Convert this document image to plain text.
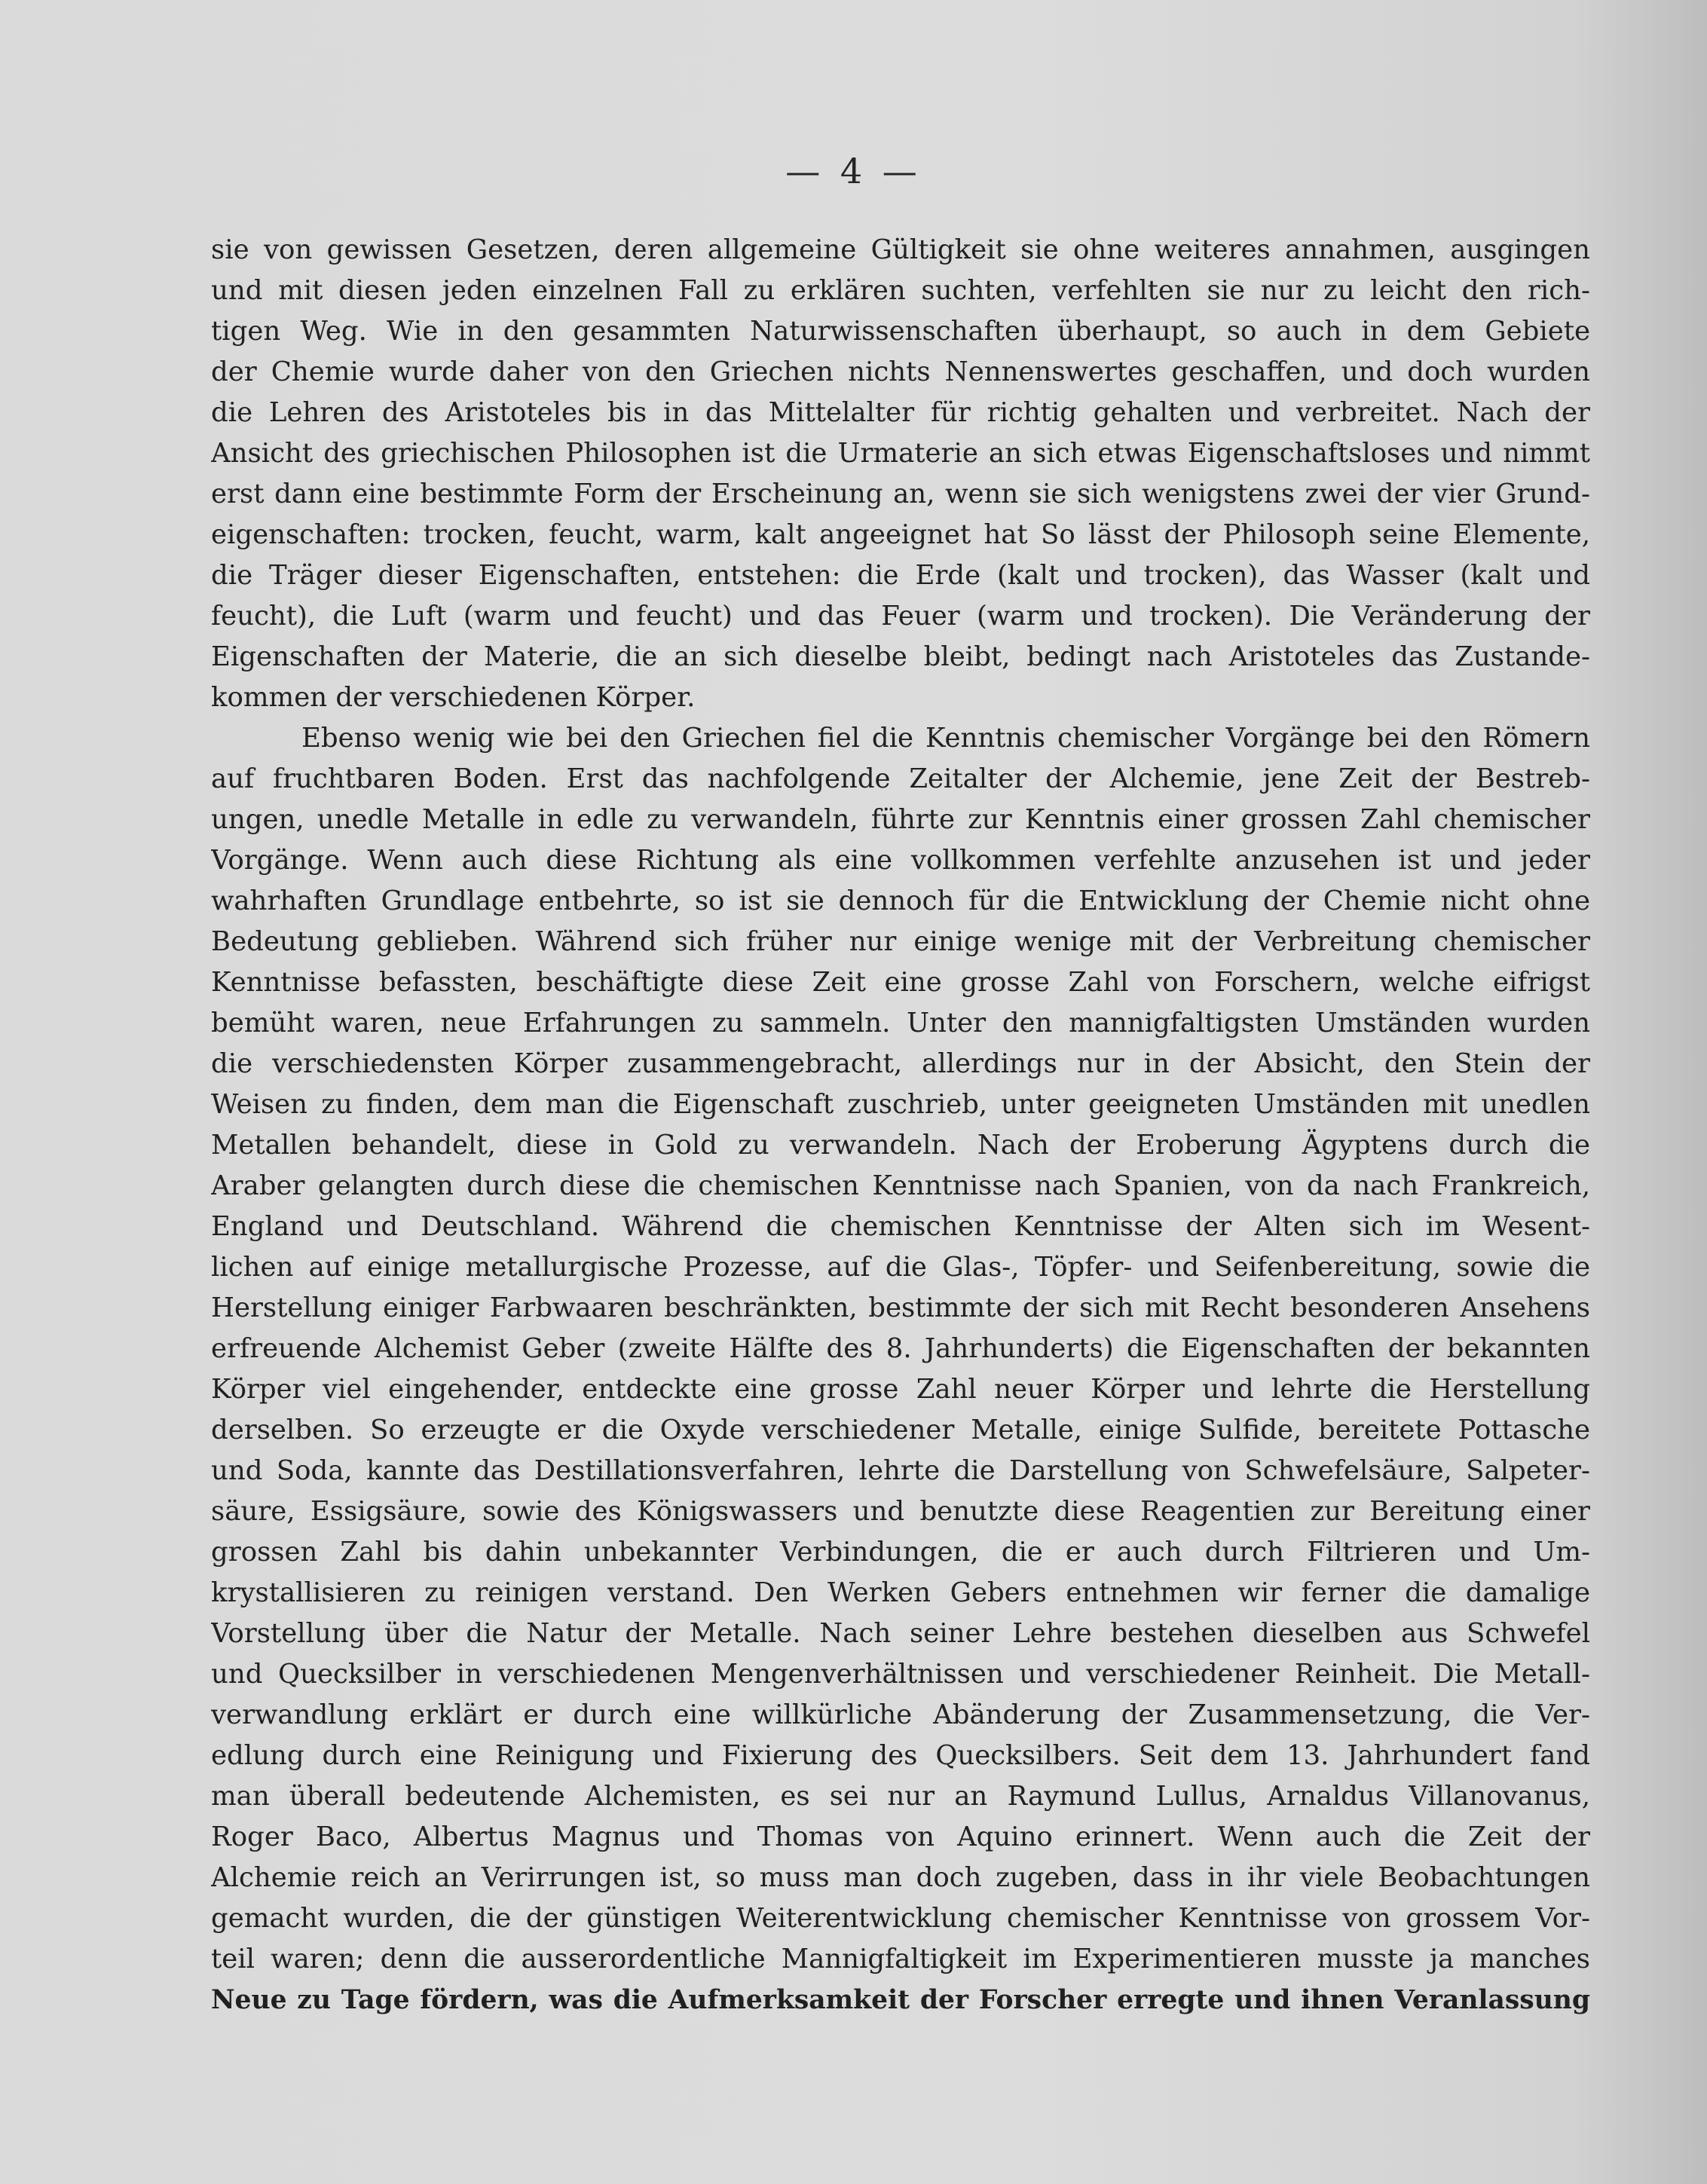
— 4 —
sie von gewissen Gesetzen, deren allgemeine Gültigkeit sie ohne weiteres annahmen, ausgingen
und mit diesen jeden einzelnen Fall zu erklären suchten, verfehlten sie nur zu leicht den rich-
tigen Weg. Wie in den gesammten Naturwissenschaften überhaupt, so auch in dem Gebiete
der Chemie wurde daher von den Griechen nichts Nennenswertes geschaffen, und doch wurden
die Lehren des Aristoteles bis in das Mittelalter für richtig gehalten und verbreitet. Nach der
Ansicht des griechischen Philosophen ist die Urmaterie an sich etwas Eigenschaftsloses und nimmt
erst dann eine bestimmte Form der Erscheinung an, wenn sie sich wenigstens zwei der vier Grund-
eigenschaften: trocken, feucht, warm, kalt angeeignet hat So lässt der Philosoph seine Elemente,
die Träger dieser Eigenschaften, entstehen: die Erde (kalt und trocken), das Wasser (kalt und
feucht), die Luft (warm und feucht) und das Feuer (warm und trocken). Die Veränderung der
Eigenschaften der Materie, die an sich dieselbe bleibt, bedingt nach Aristoteles das Zustande-
kommen der verschiedenen Körper.
Ebenso wenig wie bei den Griechen fiel die Kenntnis chemischer Vorgänge bei den Römern
auf fruchtbaren Boden. Erst das nachfolgende Zeitalter der Alchemie, jene Zeit der Bestreb-
ungen, unedle Metalle in edle zu verwandeln, führte zur Kenntnis einer grossen Zahl chemischer
Vorgänge. Wenn auch diese Richtung als eine vollkommen verfehlte anzusehen ist und jeder
wahrhaften Grundlage entbehrte, so ist sie dennoch für die Entwicklung der Chemie nicht ohne
Bedeutung geblieben. Während sich früher nur einige wenige mit der Verbreitung chemischer
Kenntnisse befassten, beschäftigte diese Zeit eine grosse Zahl von Forschern, welche eifrigst
bemüht waren, neue Erfahrungen zu sammeln. Unter den mannigfaltigsten Umständen wurden
die verschiedensten Körper zusammengebracht, allerdings nur in der Absicht, den Stein der
Weisen zu finden, dem man die Eigenschaft zuschrieb, unter geeigneten Umständen mit unedlen
Metallen behandelt, diese in Gold zu verwandeln. Nach der Eroberung Ägyptens durch die
Araber gelangten durch diese die chemischen Kenntnisse nach Spanien, von da nach Frankreich,
England und Deutschland. Während die chemischen Kenntnisse der Alten sich im Wesent-
lichen auf einige metallurgische Prozesse, auf die Glas-, Töpfer- und Seifenbereitung, sowie die
Herstellung einiger Farbwaaren beschränkten, bestimmte der sich mit Recht besonderen Ansehens
erfreuende Alchemist Geber (zweite Hälfte des 8. Jahrhunderts) die Eigenschaften der bekannten
Körper viel eingehender, entdeckte eine grosse Zahl neuer Körper und lehrte die Herstellung
derselben. So erzeugte er die Oxyde verschiedener Metalle, einige Sulfide, bereitete Pottasche
und Soda, kannte das Destillationsverfahren, lehrte die Darstellung von Schwefelsäure, Salpeter-
säure, Essigsäure, sowie des Königswassers und benutzte diese Reagentien zur Bereitung einer
grossen Zahl bis dahin unbekannter Verbindungen, die er auch durch Filtrieren und Um-
krystallisieren zu reinigen verstand. Den Werken Gebers entnehmen wir ferner die damalige
Vorstellung über die Natur der Metalle. Nach seiner Lehre bestehen dieselben aus Schwefel
und Quecksilber in verschiedenen Mengenverhältnissen und verschiedener Reinheit. Die Metall-
verwandlung erklärt er durch eine willkürliche Abänderung der Zusammensetzung, die Ver-
edlung durch eine Reinigung und Fixierung des Quecksilbers. Seit dem 13. Jahrhundert fand
man überall bedeutende Alchemisten, es sei nur an Raymund Lullus, Arnaldus Villanovanus,
Roger Baco, Albertus Magnus und Thomas von Aquino erinnert. Wenn auch die Zeit der
Alchemie reich an Verirrungen ist, so muss man doch zugeben, dass in ihr viele Beobachtungen
gemacht wurden, die der günstigen Weiterentwicklung chemischer Kenntnisse von grossem Vor-
teil waren; denn die ausserordentliche Mannigfaltigkeit im Experimentieren musste ja manches
Neue zu Tage fördern, was die Aufmerksamkeit der Forscher erregte und ihnen Veranlassung
